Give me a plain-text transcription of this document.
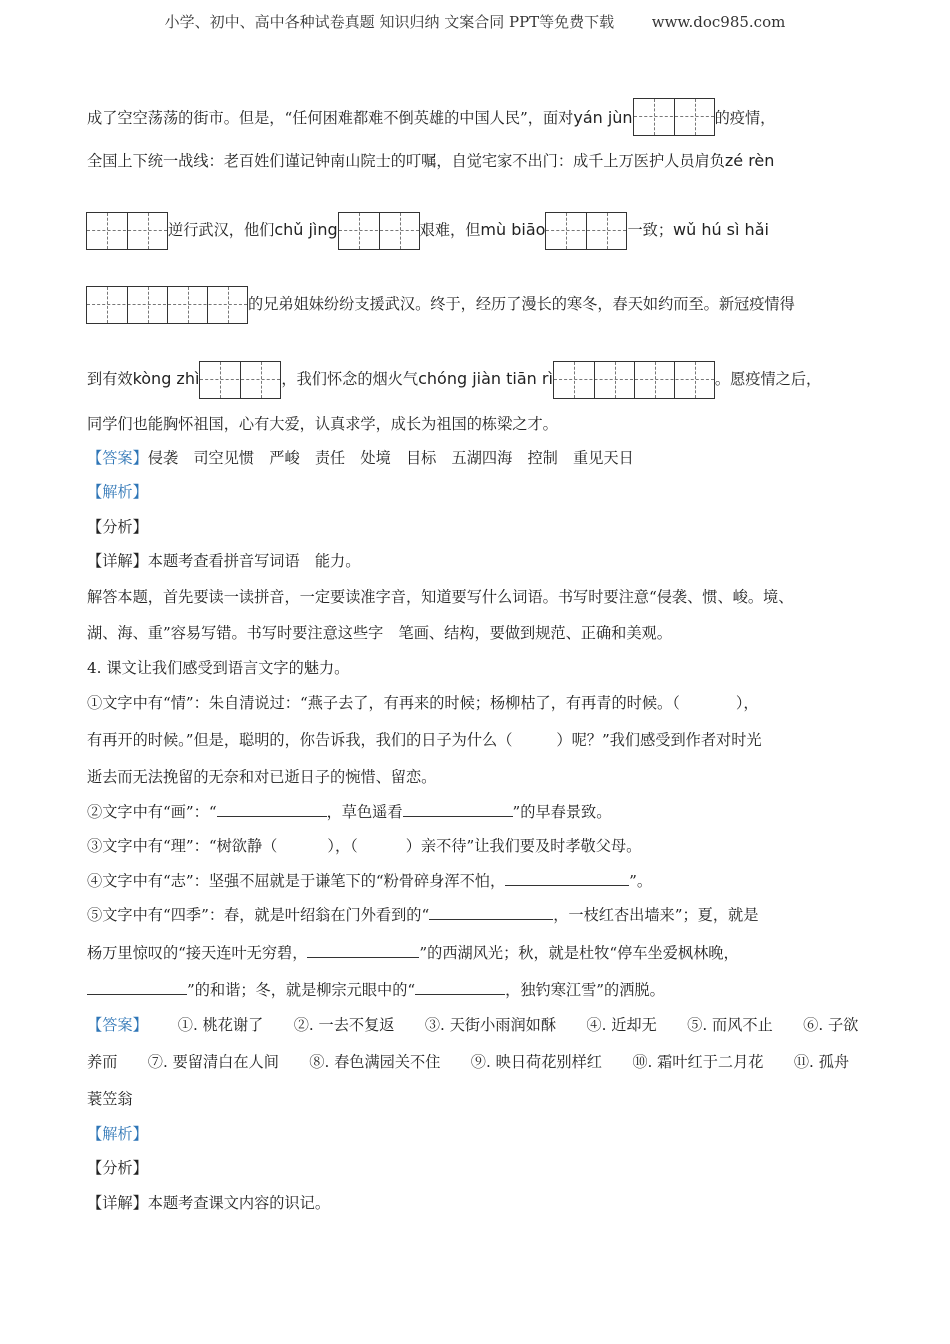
小学、初中、高中各种试卷真题 知识归纳 文案合同 PPT等免费下载	www.doc985.com
成了空空荡荡的街市。但是，“任何困难都难不倒英雄的中国人民”，面对yán jùn	的疫情，
全国上下统一战线：老百姓们谨记钟南山院士的叮嘱，自觉宅家不出门：成千上万医护人员肩负zé rèn
逆行武汉，他们chǔ jìng	艰难，但mù biāo	一致；wǔ hú sì hǎi
的兄弟姐妹纷纷支援武汉。终于，经历了漫长的寒冬，春天如约而至。新冠疫情得
到有效kòng zhì	，我们怀念的烟火气chóng jiàn tiān rì	。愿疫情之后，
同学们也能胸怀祖国，心有大爱，认真求学，成长为祖国的栋梁之才。
【答案】侵袭　司空见惯　严峻　责任　处境　目标　五湖四海　控制　重见天日
【解析】
【分析】
【详解】本题考查看拼音写词语　能力。
解答本题，首先要读一读拼音，一定要读准字音，知道要写什么词语。书写时要注意“侵袭、惯、峻。境、
湖、海、重”容易写错。书写时要注意这些字　笔画、结构，要做到规范、正确和美观。
4. 课文让我们感受到语言文字的魅力。
①文字中有“情”：朱自清说过：“燕子去了，有再来的时候；杨柳枯了，有再青的时候。（	），
有再开的时候。”但是，聪明的，你告诉我，我们的日子为什么（	）呢？”我们感受到作者对时光
逝去而无法挽留的无奈和对已逝日子的惋惜、留恋。
②文字中有“画”：“	，草色遥看	”的早春景致。
③文字中有“理”：“树欲静（	），（	）亲不待”让我们要及时孝敬父母。
④文字中有“志”：坚强不屈就是于谦笔下的“粉骨碎身浑不怕，	”。
⑤文字中有“四季”：春，就是叶绍翁在门外看到的“	，一枝红杏出墙来”；夏，就是
杨万里惊叹的“接天连叶无穷碧，	”的西湖风光；秋，就是杜牧“停车坐爱枫林晚，
”的和谐；冬，就是柳宗元眼中的“	，独钓寒江雪”的洒脱。
【答案】 ①. 桃花谢了　　②. 一去不复返　　③. 天街小雨润如酥　　④. 近却无　　⑤. 而风不止　　⑥. 子欲
养而　　⑦. 要留清白在人间　　⑧. 春色满园关不住　　⑨. 映日荷花别样红　　⑩. 霜叶红于二月花　　⑪. 孤舟
蓑笠翁
【解析】
【分析】
【详解】本题考查课文内容的识记。
